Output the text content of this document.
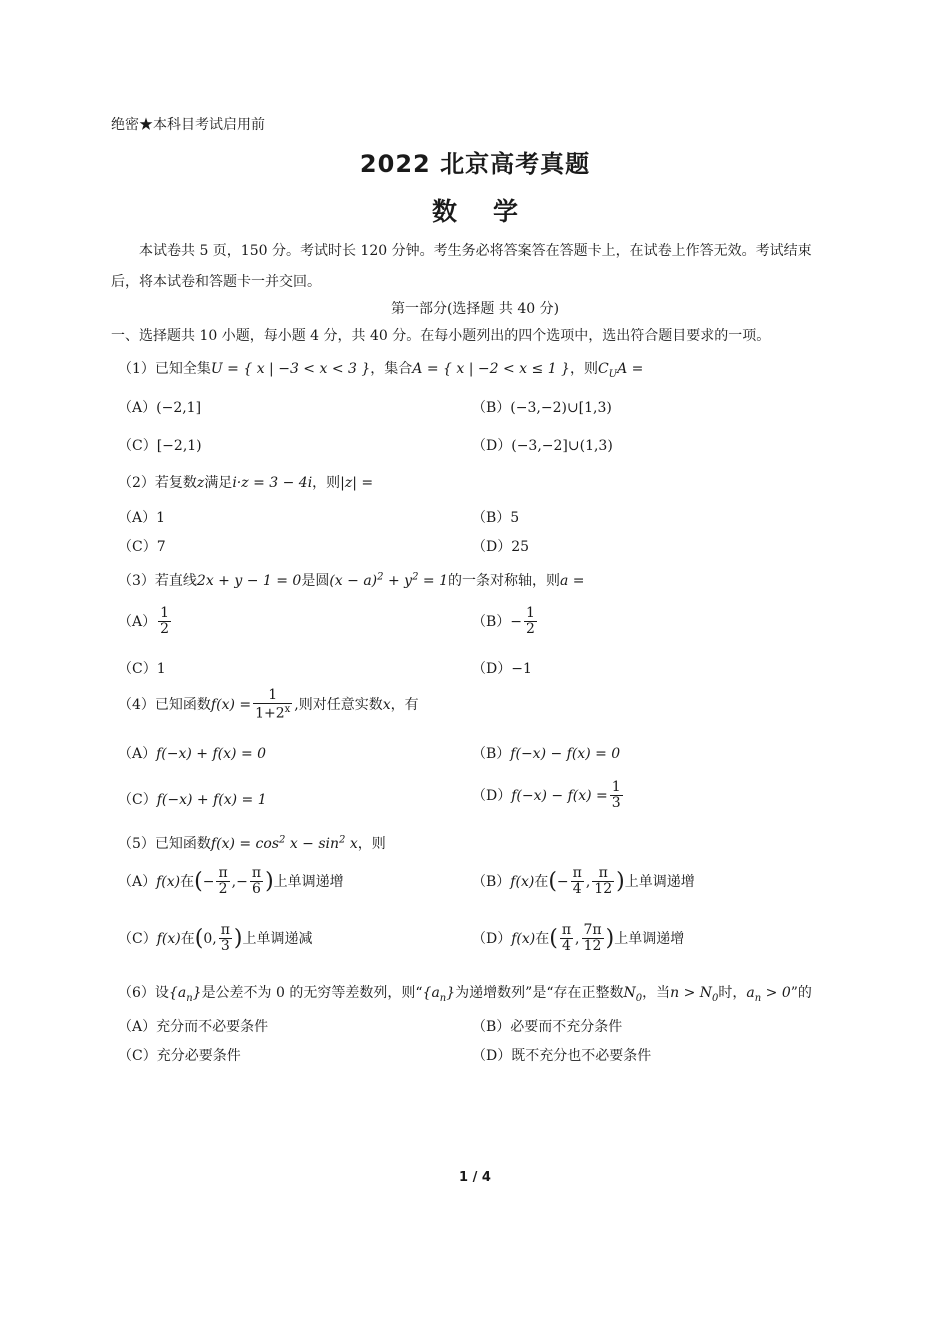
绝密★本科目考试启用前
2022 北京高考真题
数学
本试卷共 5 页，150 分。考试时长 120 分钟。考生务必将答案答在答题卡上，在试卷上作答无效。考试结束后，将本试卷和答题卡一并交回。
第一部分(选择题 共 40 分)
一、选择题共 10 小题，每小题 4 分，共 40 分。在每小题列出的四个选项中，选出符合题目要求的一项。
（1）已知全集U = { x | −3 < x < 3 }，集合A = { x | −2 < x ≤ 1 }，则$C_UA$ =
（A）(−2,1]	（B）(−3,−2)∪[1,3)
（C）[−2,1)	（D）(−3,−2]∪(1,3)
（2）若复数z满足i·z = 3 − 4i，则|z| =
（A）1	（B）5
（C）7	（D）25
（3）若直线2x + y − 1 = 0是圆$(x - a)^2 + y^2 = 1$的一条对称轴，则a =
$(A) \frac{1}{2}$	$(B)- \frac{1}{2}$
（C）1	（D）−1
（4）已知函数$f(x) = \frac{1}{1+2^x}$ ,则对任意实数x，有
（A）f(−x) + f(x) = 0	（B）f(−x) − f(x) = 0
（C）f(−x) + f(x) = 1	$(D)f(-x) - f(x) = \frac{1}{3}$
（5）已知函数$f(x) = \cos^2 x - \sin^2 x$，则
（A）f(x)在(− $\frac{\pi}{2}$ ,− $\frac{\pi}{6}$ )上单调递增	（B）f(x)在(− $\frac{\pi}{4}$ , $\frac{\pi}{12}$ )上单调递增
（C）f(x)在(0, $\frac{\pi}{3}$ )上单调递减	（D）f(x)在( $\frac{\pi}{4}$ , $\frac{7\pi}{12}$ )上单调递增
（6）设$\{a_n\}$是公差不为 0 的无穷等差数列，则“$\{a_n\}$为递增数列”是“存在正整数$N_0$，当$n > N_0$时，$a_n > 0$”的
（A）充分而不必要条件	（B）必要而不充分条件
（C）充分必要条件	（D）既不充分也不必要条件
1 / 4
